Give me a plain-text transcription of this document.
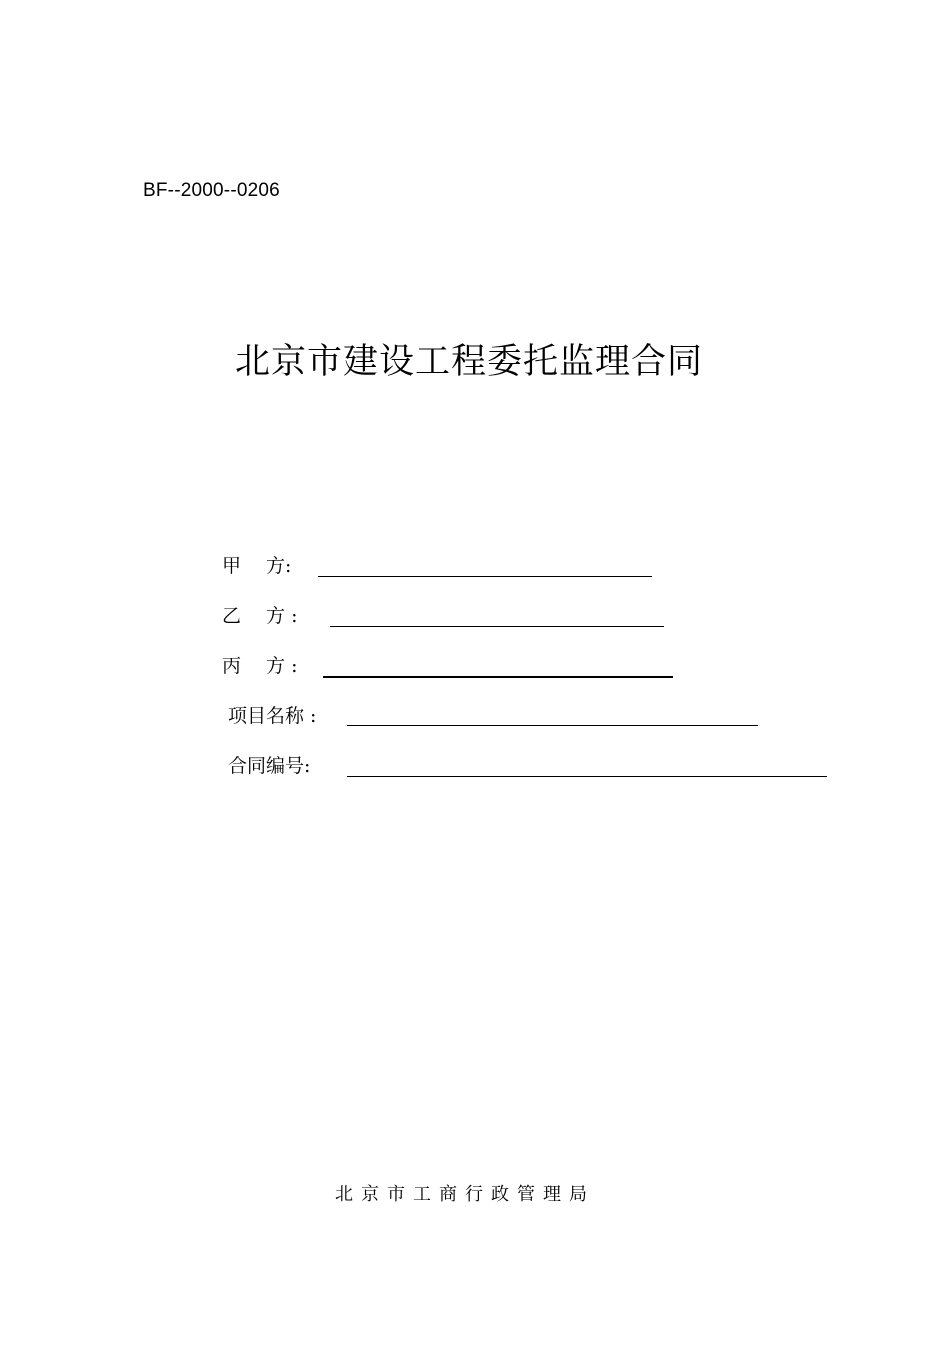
BF--2000--0206
北京市建设工程委托监理合同
甲　 方:
乙　 方 :
丙　 方 :
项目名称 :
合同编号:
北京市工商行政管理局
